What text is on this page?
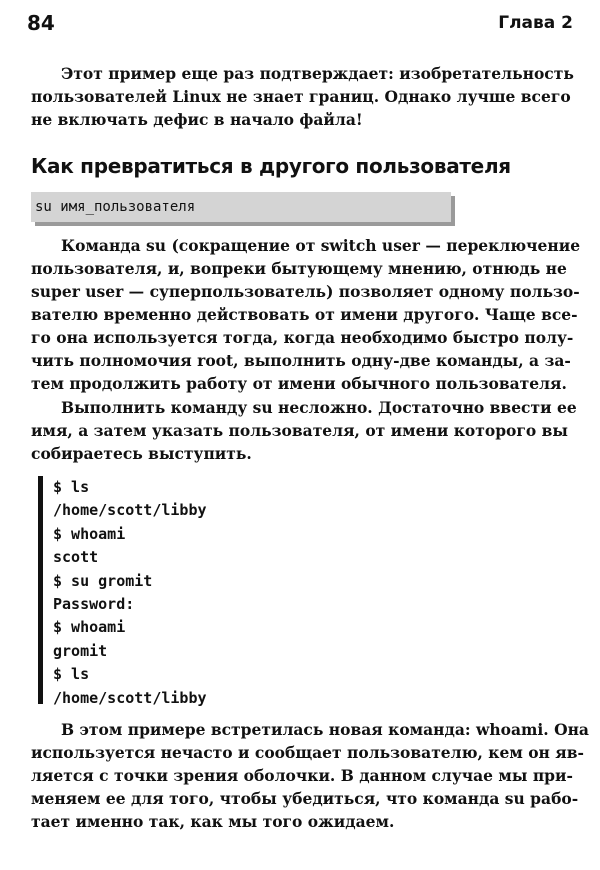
84	Глава 2
Этот пример еще раз подтверждает: изобретательность
пользователей Linux не знает границ. Однако лучше всего
не включать дефис в начало файла!
Как превратиться в другого пользователя
su имя_пользователя
Команда su (сокращение от switch user — переключение
пользователя, и, вопреки бытующему мнению, отнюдь не
super user — суперпользователь) позволяет одному пользо-
вателю временно действовать от имени другого. Чаще все-
го она используется тогда, когда необходимо быстро полу-
чить полномочия root, выполнить одну-две команды, а за-
тем продолжить работу от имени обычного пользователя.
Выполнить команду su несложно. Достаточно ввести ее
имя, а затем указать пользователя, от имени которого вы
собираетесь выступить.
$ ls
/home/scott/libby
$ whoami
scott
$ su gromit
Password:
$ whoami
gromit
$ ls
/home/scott/libby
В этом примере встретилась новая команда: whoami. Она
используется нечасто и сообщает пользователю, кем он яв-
ляется с точки зрения оболочки. В данном случае мы при-
меняем ее для того, чтобы убедиться, что команда su рабо-
тает именно так, как мы того ожидаем.
